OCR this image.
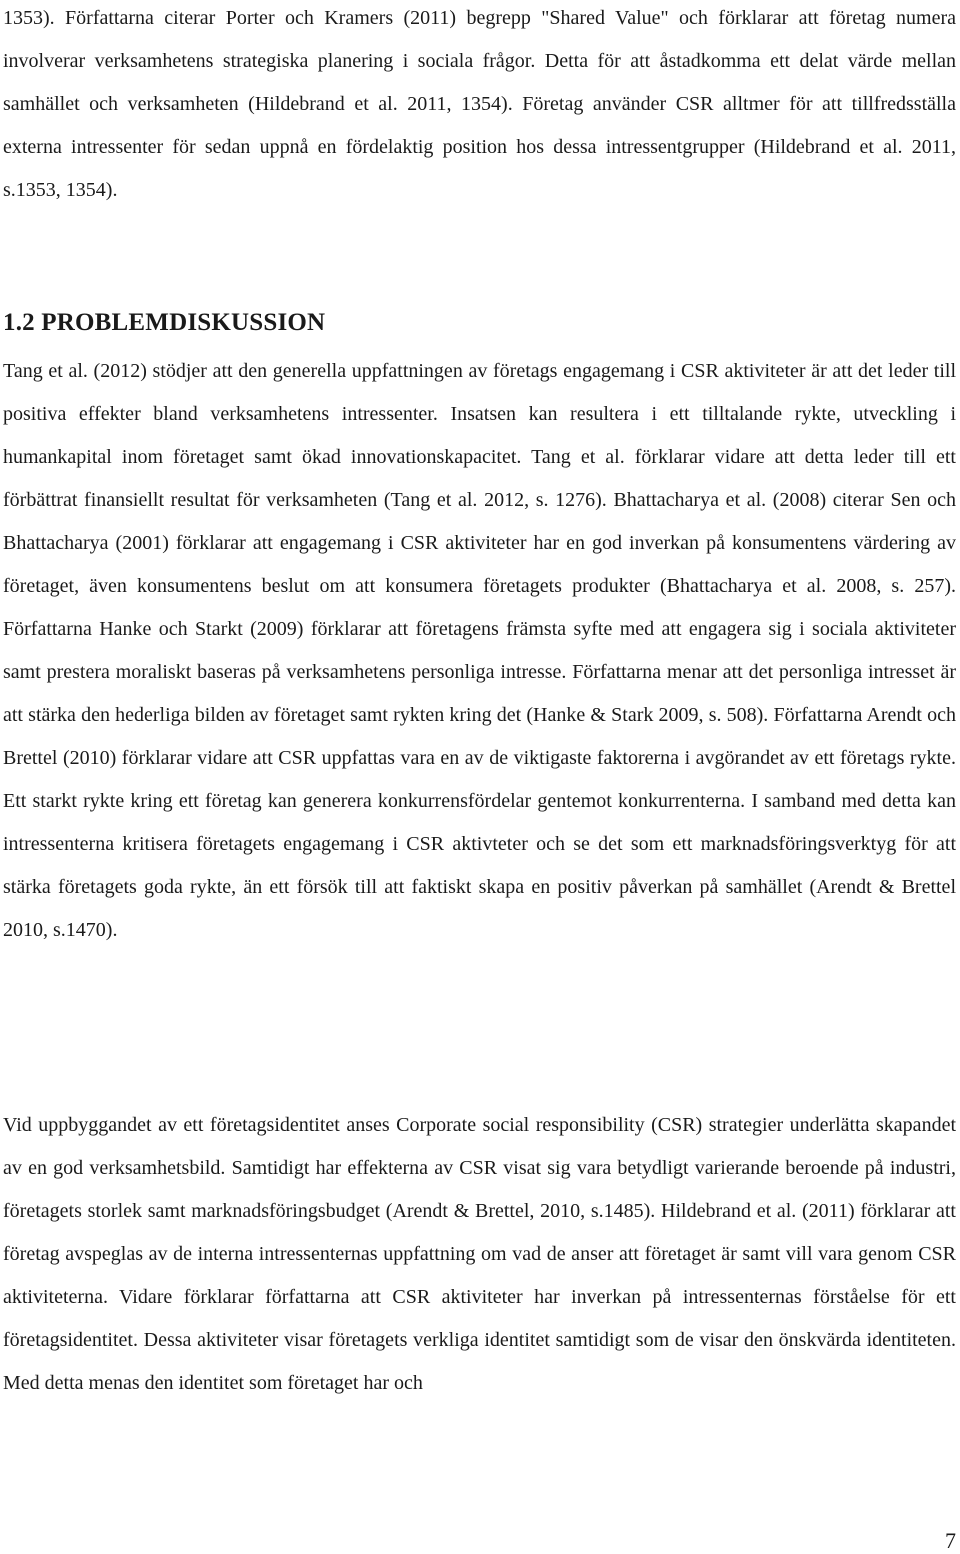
1353). Författarna citerar Porter och Kramers (2011) begrepp "Shared Value" och förklarar att företag numera involverar verksamhetens strategiska planering i sociala frågor. Detta för att åstadkomma ett delat värde mellan samhället och verksamheten (Hildebrand et al. 2011, 1354). Företag använder CSR alltmer för att tillfredsställa externa intressenter för sedan uppnå en fördelaktig position hos dessa intressentgrupper (Hildebrand et al. 2011, s.1353, 1354).

1.2 PROBLEMDISKUSSION

Tang et al. (2012) stödjer att den generella uppfattningen av företags engagemang i CSR aktiviteter är att det leder till positiva effekter bland verksamhetens intressenter. Insatsen kan resultera i ett tilltalande rykte, utveckling i humankapital inom företaget samt ökad innovationskapacitet. Tang et al. förklarar vidare att detta leder till ett förbättrat finansiellt resultat för verksamheten (Tang et al. 2012, s. 1276). Bhattacharya et al. (2008) citerar Sen och Bhattacharya (2001) förklarar att engagemang i CSR aktiviteter har en god inverkan på konsumentens värdering av företaget, även konsumentens beslut om att konsumera företagets produkter (Bhattacharya et al. 2008, s. 257). Författarna Hanke och Starkt (2009) förklarar att företagens främsta syfte med att engagera sig i sociala aktiviteter samt prestera moraliskt baseras på verksamhetens personliga intresse. Författarna menar att det personliga intresset är att stärka den hederliga bilden av företaget samt rykten kring det (Hanke & Stark 2009, s. 508). Författarna Arendt och Brettel (2010) förklarar vidare att CSR uppfattas vara en av de viktigaste faktorerna i avgörandet av ett företags rykte. Ett starkt rykte kring ett företag kan generera konkurrensfördelar gentemot konkurrenterna. I samband med detta kan intressenterna kritisera företagets engagemang i CSR aktivteter och se det som ett marknadsföringsverktyg för att stärka företagets goda rykte, än ett försök till att faktiskt skapa en positiv påverkan på samhället (Arendt & Brettel 2010, s.1470).

Vid uppbyggandet av ett företagsidentitet anses Corporate social responsibility (CSR) strategier underlätta skapandet av en god verksamhetsbild. Samtidigt har effekterna av CSR visat sig vara betydligt varierande beroende på industri, företagets storlek samt marknadsföringsbudget (Arendt & Brettel, 2010, s.1485). Hildebrand et al. (2011) förklarar att företag avspeglas av de interna intressenternas uppfattning om vad de anser att företaget är samt vill vara genom CSR aktiviteterna. Vidare förklarar författarna att CSR aktiviteter har inverkan på intressenternas förståelse för ett företagsidentitet. Dessa aktiviteter visar företagets verkliga identitet samtidigt som de visar den önskvärda identiteten. Med detta menas den identitet som företaget har och

7
